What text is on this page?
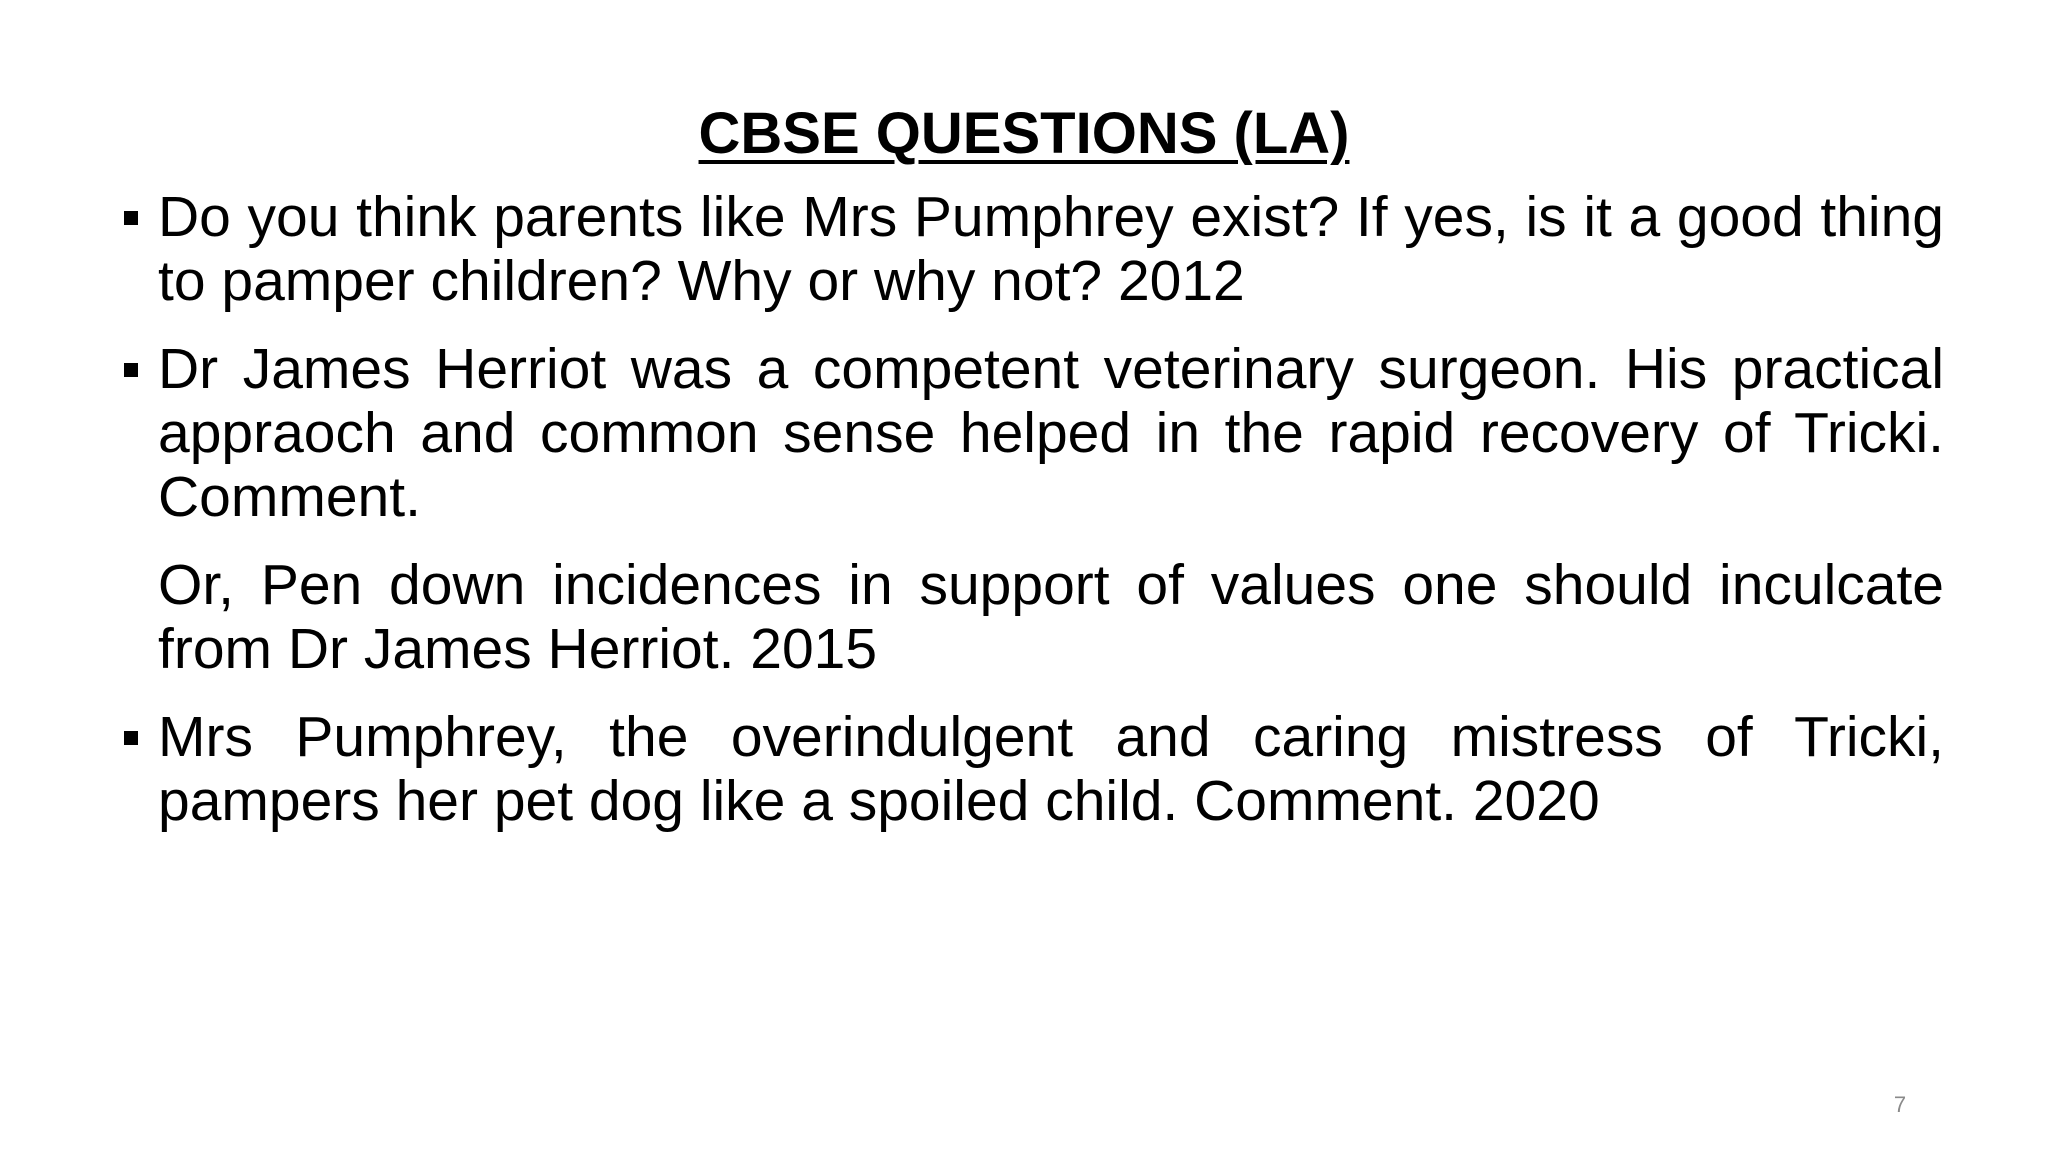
CBSE QUESTIONS (LA)
Do you think parents like Mrs Pumphrey exist? If yes, is it a good thing to pamper children? Why or why not? 2012
Dr James Herriot was a competent veterinary surgeon. His practical appraoch and common sense helped in the rapid recovery of Tricki. Comment.
Or, Pen down incidences in support of values one should inculcate from Dr James Herriot. 2015
Mrs Pumphrey, the overindulgent and caring mistress of Tricki, pampers her pet dog like a spoiled child. Comment. 2020
7
